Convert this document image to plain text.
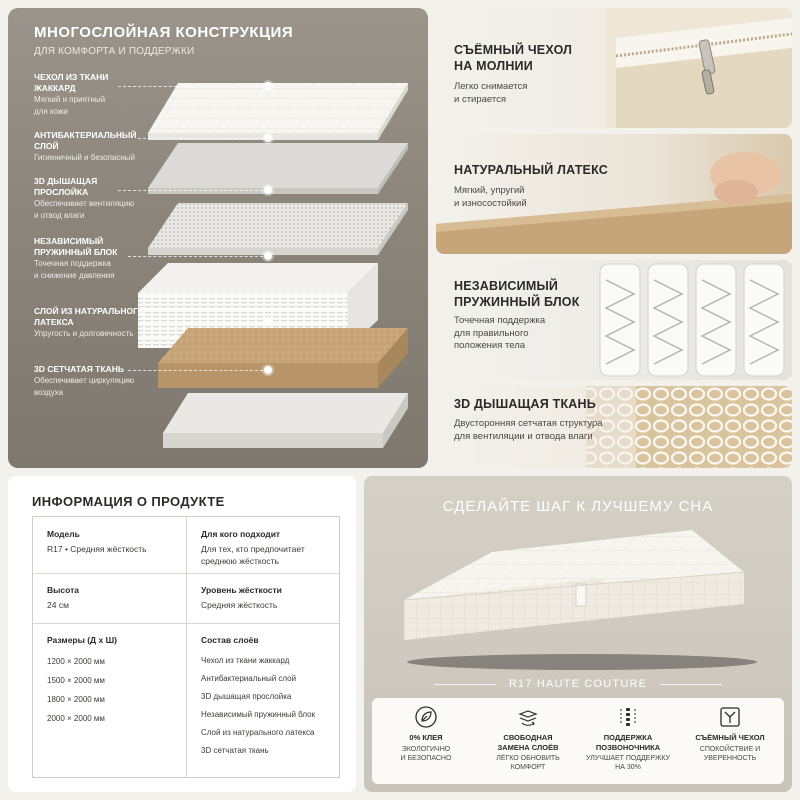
МНОГОСЛОЙНАЯ КОНСТРУКЦИЯ
ДЛЯ КОМФОРТА И ПОДДЕРЖКИ
ЧЕХОЛ ИЗ ТКАНИ
ЖАККАРД
Мягкий и приятный
для кожи
АНТИБАКТЕРИАЛЬНЫЙ
СЛОЙ
Гигиеничный и безопасный
3D ДЫШАЩАЯ
ПРОСЛОЙКА
Обеспечивает вентиляцию
и отвод влаги
НЕЗАВИСИМЫЙ
ПРУЖИННЫЙ БЛОК
Точечная поддержка
и снижение давления
СЛОЙ ИЗ НАТУРАЛЬНОГО
ЛАТЕКСА
Упругость и долговечность
3D СЕТЧАТАЯ ТКАНЬ
Обеспечивает циркуляцию
воздуха
СЪЁМНЫЙ ЧЕХОЛ
НА МОЛНИИ
Легко снимается
и стирается
НАТУРАЛЬНЫЙ ЛАТЕКС
Мягкий, упругий
и износостойкий
НЕЗАВИСИМЫЙ
ПРУЖИННЫЙ БЛОК
Точечная поддержка
для правильного
положения тела
3D ДЫШАЩАЯ ТКАНЬ
Двусторонняя сетчатая структура
для вентиляции и отвода влаги
ИНФОРМАЦИЯ О ПРОДУКТЕ
Модель
R17 • Средняя жёсткость
Для кого подходит
Для тех, кто предпочитает
среднюю жёсткость
Высота
24 см
Уровень жёсткости
Средняя жёсткость
Размеры (Д х Ш)
1200 × 2000 мм
1500 × 2000 мм
1800 × 2000 мм
2000 × 2000 мм
Состав слоёв
Чехол из ткани жаккард
Антибактериальный слой
3D дышащая прослойка
Независимый пружинный блок
Слой из натурального латекса
3D сетчатая ткань
СДЕЛАЙТЕ ШАГ К ЛУЧШЕМУ СНА
R17 HAUTE COUTURE
0% КЛЕЯ
ЭКОЛОГИЧНО
И БЕЗОПАСНО
СВОБОДНАЯ
ЗАМЕНА СЛОЁВ
ЛЁГКО ОБНОВИТЬ
КОМФОРТ
ПОДДЕРЖКА
ПОЗВОНОЧНИКА
УЛУЧШАЕТ ПОДДЕРЖКУ
НА 30%
СЪЁМНЫЙ ЧЕХОЛ
СПОКОЙСТВИЕ И
УВЕРЕННОСТЬ
